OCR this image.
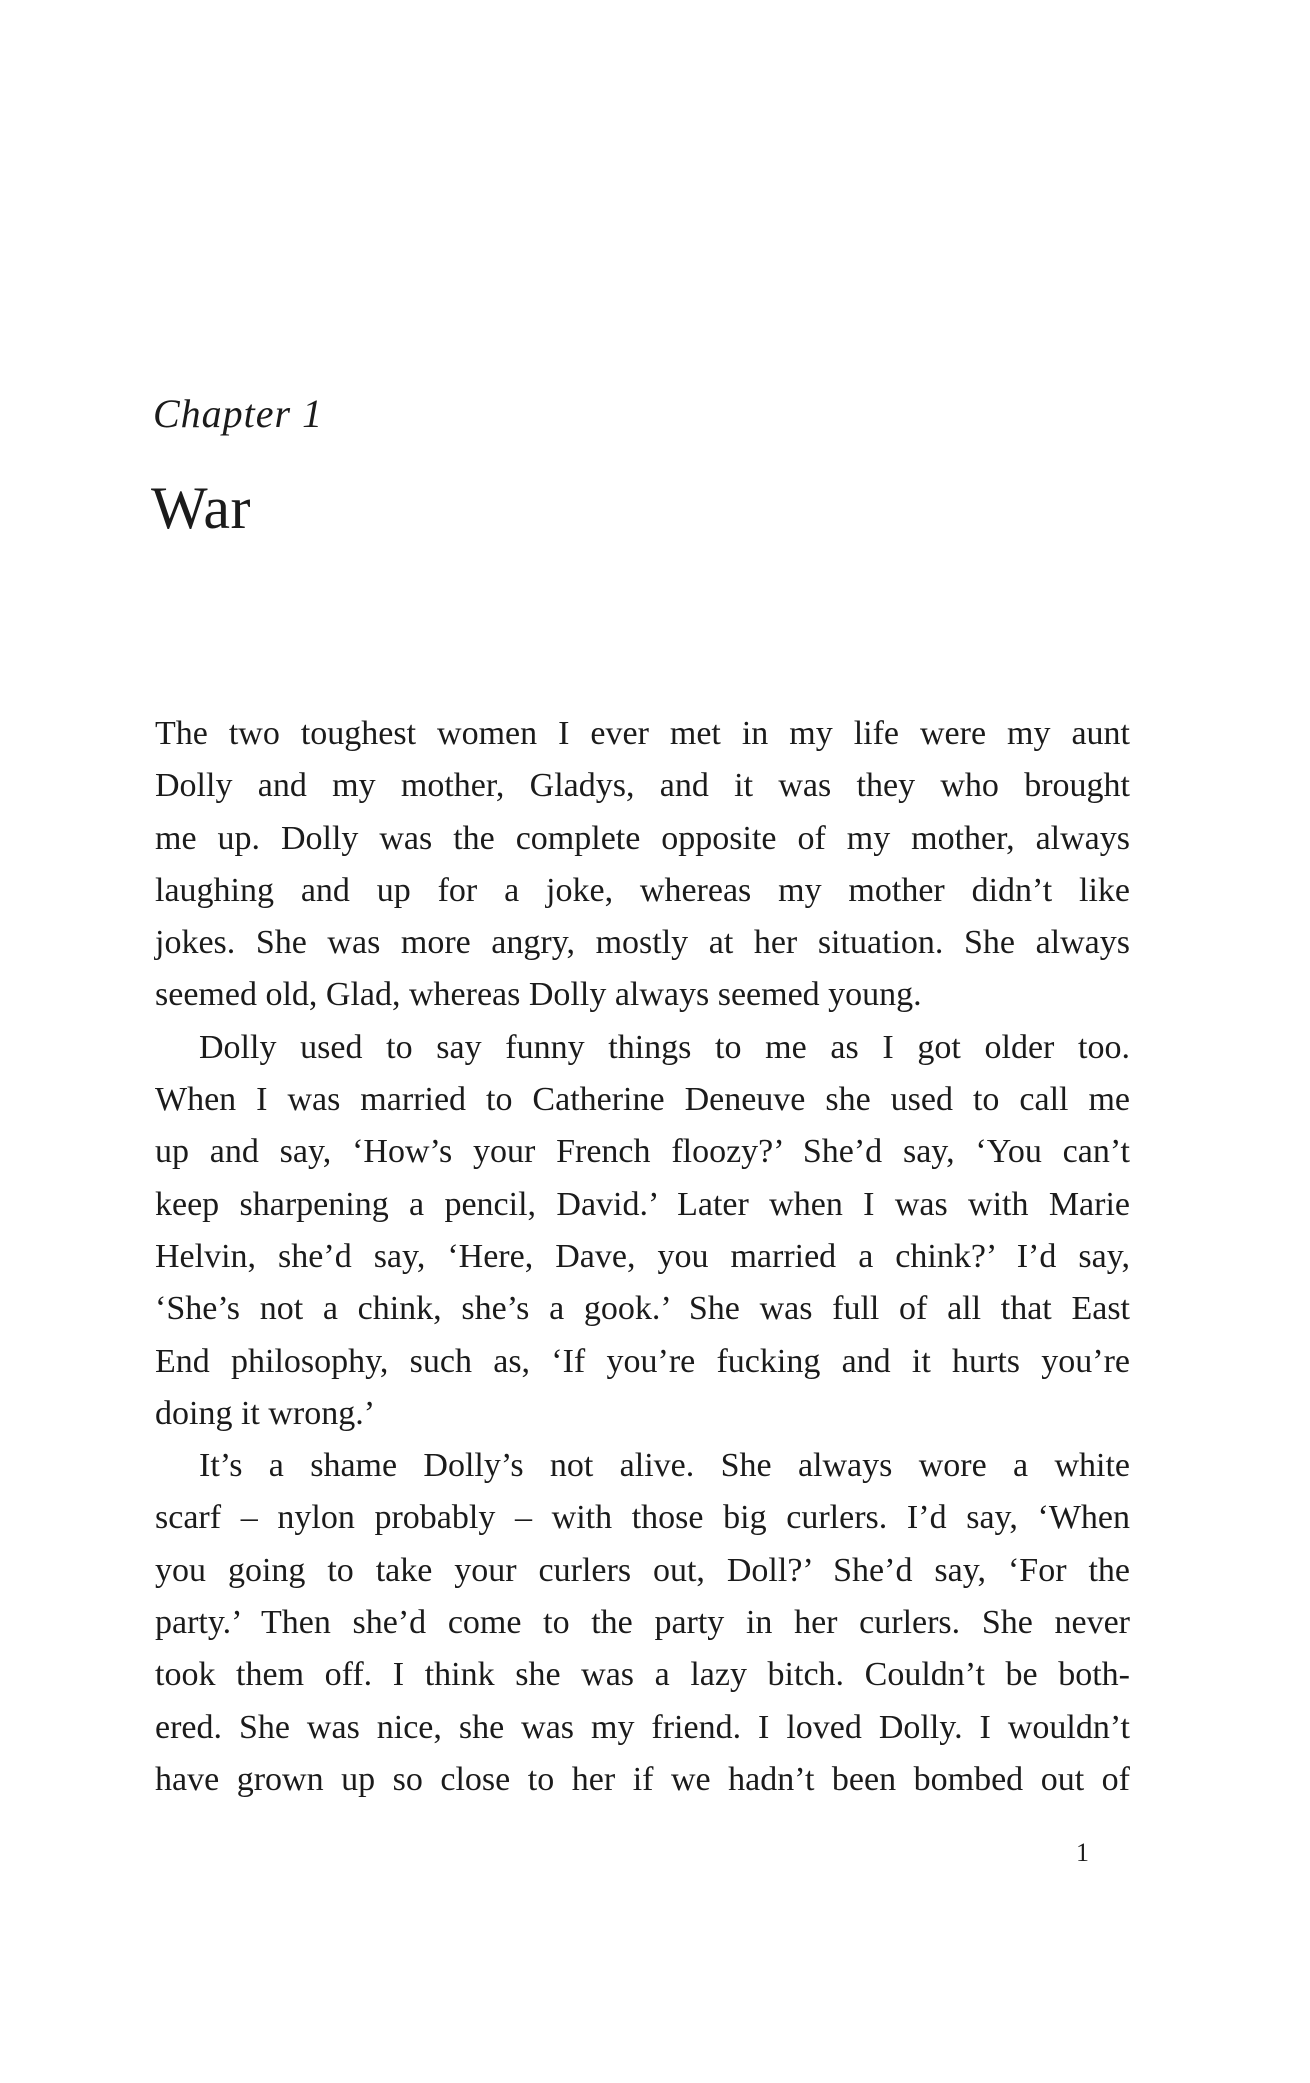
Chapter 1
War
The two toughest women I ever met in my life were my aunt
Dolly and my mother, Gladys, and it was they who brought
me up. Dolly was the complete opposite of my mother, always
laughing and up for a joke, whereas my mother didn’t like
jokes. She was more angry, mostly at her situation. She always
seemed old, Glad, whereas Dolly always seemed young.
Dolly used to say funny things to me as I got older too.
When I was married to Catherine Deneuve she used to call me
up and say, ‘How’s your French floozy?’ She’d say, ‘You can’t
keep sharpening a pencil, David.’ Later when I was with Marie
Helvin, she’d say, ‘Here, Dave, you married a chink?’ I’d say,
‘She’s not a chink, she’s a gook.’ She was full of all that East
End philosophy, such as, ‘If you’re fucking and it hurts you’re
doing it wrong.’
It’s a shame Dolly’s not alive. She always wore a white
scarf – nylon probably – with those big curlers. I’d say, ‘When
you going to take your curlers out, Doll?’ She’d say, ‘For the
party.’ Then she’d come to the party in her curlers. She never
took them off. I think she was a lazy bitch. Couldn’t be both-
ered. She was nice, she was my friend. I loved Dolly. I wouldn’t
have grown up so close to her if we hadn’t been bombed out of
1
